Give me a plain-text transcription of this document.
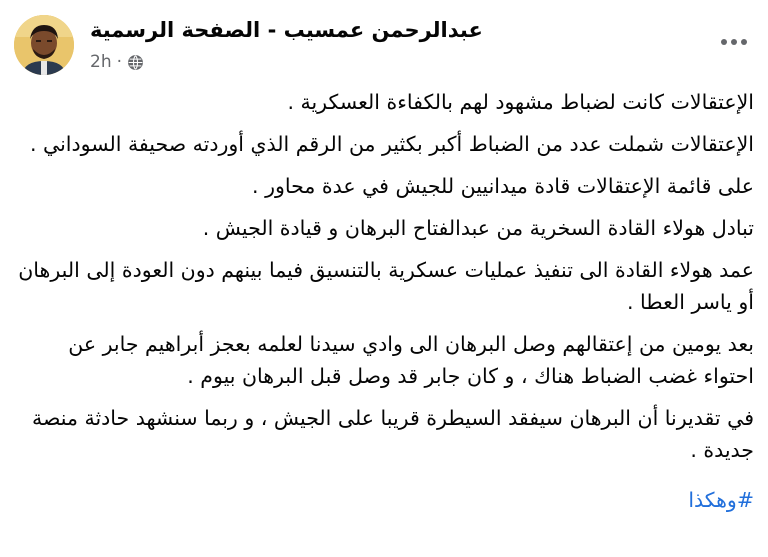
عبدالرحمن عمسيب - الصفحة الرسمية
2h ·

الإعتقالات كانت لضباط مشهود لهم بالكفاءة العسكرية .

الإعتقالات شملت عدد من الضباط أكبر بكثير من الرقم الذي أوردته صحيفة السوداني .

على قائمة الإعتقالات قادة ميدانيين للجيش في عدة محاور .

تبادل هولاء القادة السخرية من عبدالفتاح البرهان و قيادة الجيش .

عمد هولاء القادة الى تنفيذ عمليات عسكرية بالتنسيق فيما بينهم دون العودة إلى البرهان أو ياسر العطا .

بعد يومين من إعتقالهم وصل البرهان الى وادي سيدنا لعلمه بعجز أبراهيم جابر عن احتواء غضب الضباط هناك ، و كان جابر قد وصل قبل البرهان بيوم .

في تقديرنا أن البرهان سيفقد السيطرة قريبا على الجيش ، و ربما سنشهد حادثة منصة جديدة .

#وهكذا
